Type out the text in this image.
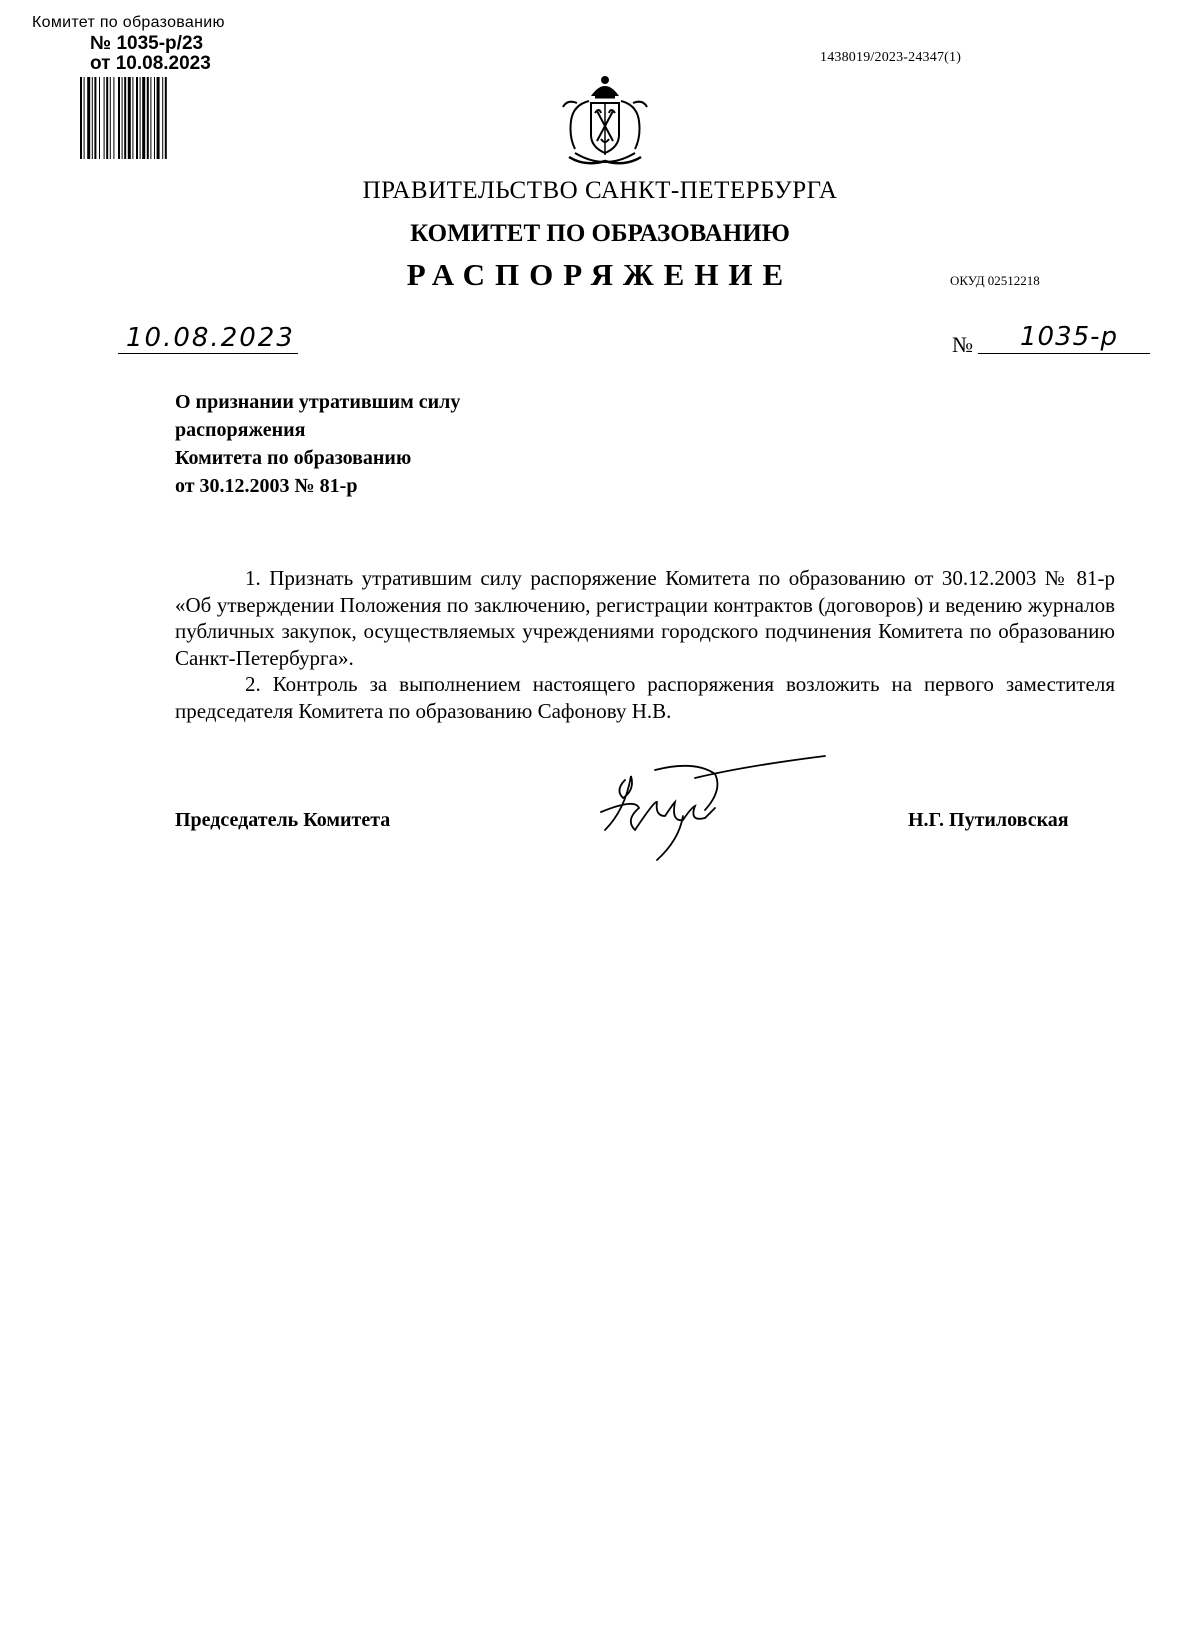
Комитет по образованию
№ 1035-р/23
от 10.08.2023	1438019/2023-24347(1)
ПРАВИТЕЛЬСТВО САНКТ-ПЕТЕРБУРГА
КОМИТЕТ ПО ОБРАЗОВАНИЮ
РАСПОРЯЖЕНИЕ	ОКУД 02512218
10.08.2023	№ 1035-р
О признании утратившим силу
распоряжения
Комитета по образованию
от 30.12.2003 № 81-р

1. Признать утратившим силу распоряжение Комитета по образованию от 30.12.2003 № 81-р «Об утверждении Положения по заключению, регистрации контрактов (договоров) и ведению журналов публичных закупок, осуществляемых учреждениями городского подчинения Комитета по образованию Санкт-Петербурга».

2. Контроль за выполнением настоящего распоряжения возложить на первого заместителя председателя Комитета по образованию Сафонову Н.В.

Председатель Комитета	Н.Г. Путиловская
